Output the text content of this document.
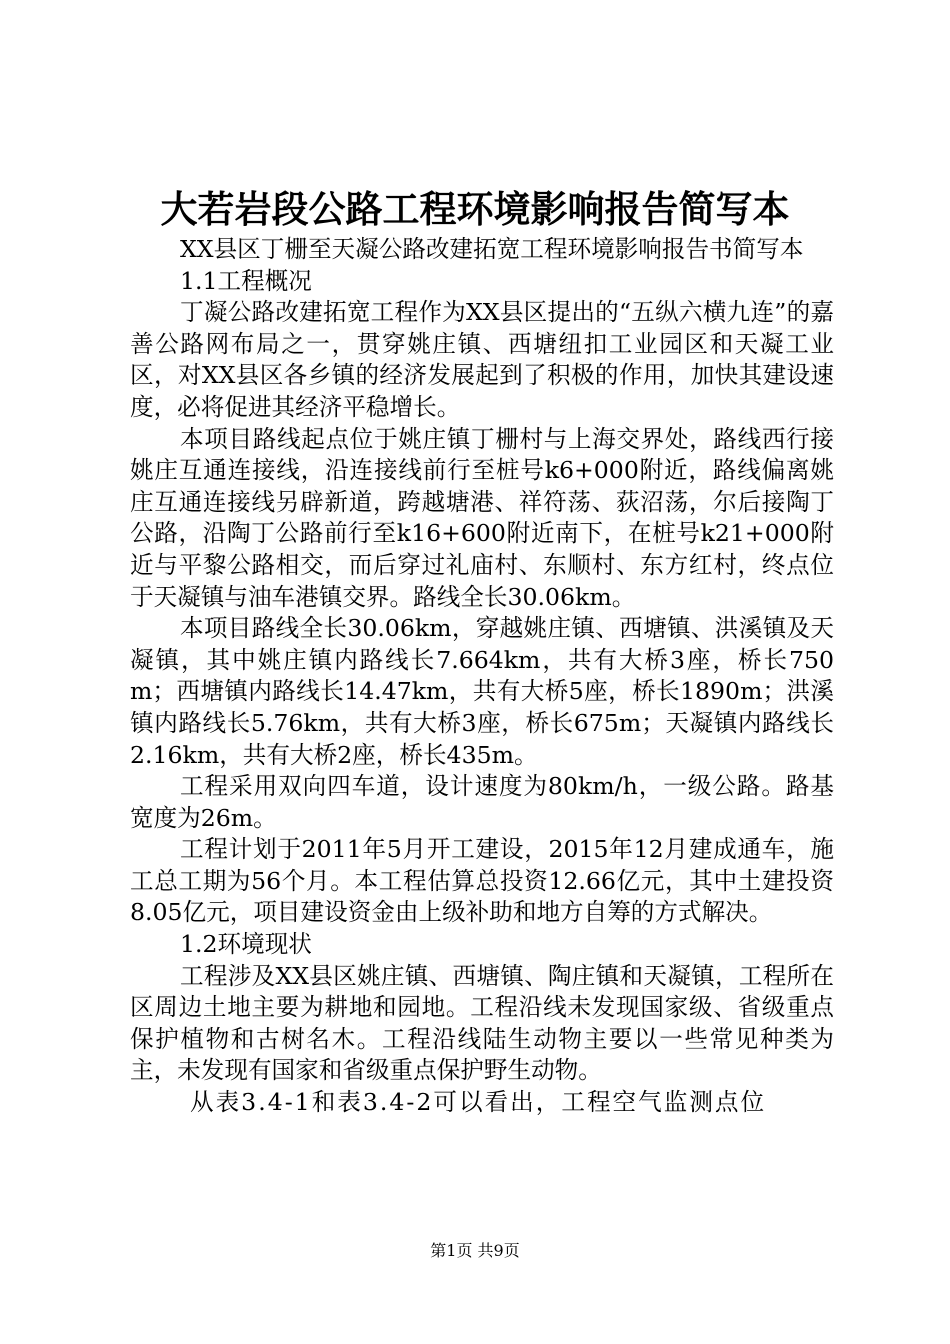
大若岩段公路工程环境影响报告简写本

XX县区丁栅至天凝公路改建拓宽工程环境影响报告书简写本

1.1工程概况

丁凝公路改建拓宽工程作为XX县区提出的“五纵六横九连”的嘉善公路网布局之一，贯穿姚庄镇、西塘纽扣工业园区和天凝工业区，对XX县区各乡镇的经济发展起到了积极的作用，加快其建设速度，必将促进其经济平稳增长。

本项目路线起点位于姚庄镇丁栅村与上海交界处，路线西行接姚庄互通连接线，沿连接线前行至桩号k6+000附近，路线偏离姚庄互通连接线另辟新道，跨越塘港、祥符荡、荻沼荡，尔后接陶丁公路，沿陶丁公路前行至k16+600附近南下，在桩号k21+000附近与平黎公路相交，而后穿过礼庙村、东顺村、东方红村，终点位于天凝镇与油车港镇交界。路线全长30.06km。

本项目路线全长30.06km，穿越姚庄镇、西塘镇、洪溪镇及天凝镇，其中姚庄镇内路线长7.664km，共有大桥3座，桥长750m；西塘镇内路线长14.47km，共有大桥5座，桥长1890m；洪溪镇内路线长5.76km，共有大桥3座，桥长675m；天凝镇内路线长2.16km，共有大桥2座，桥长435m。

工程采用双向四车道，设计速度为80km/h，一级公路。路基宽度为26m。

工程计划于2011年5月开工建设，2015年12月建成通车，施工总工期为56个月。本工程估算总投资12.66亿元，其中土建投资8.05亿元，项目建设资金由上级补助和地方自筹的方式解决。

1.2环境现状

工程涉及XX县区姚庄镇、西塘镇、陶庄镇和天凝镇，工程所在区周边土地主要为耕地和园地。工程沿线未发现国家级、省级重点保护植物和古树名木。工程沿线陆生动物主要以一些常见种类为主，未发现有国家和省级重点保护野生动物。

从表3.4-1和表3.4-2可以看出，工程空气监测点位

第1页 共9页
